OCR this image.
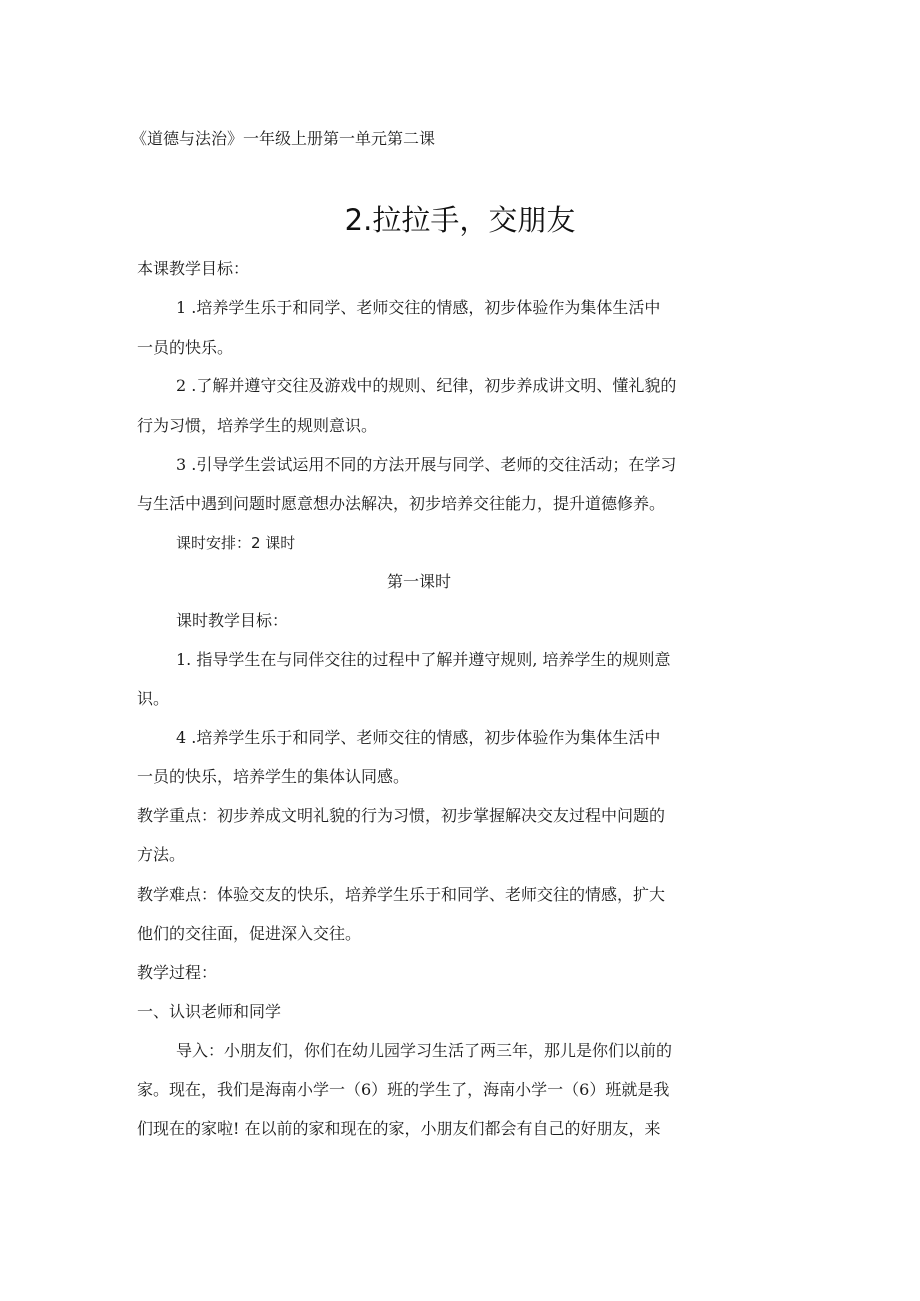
《道德与法治》一年级上册第一单元第二课
2.拉拉手，交朋友
本课教学目标：
1 .培养学生乐于和同学、老师交往的情感，初步体验作为集体生活中
一员的快乐。
2 .了解并遵守交往及游戏中的规则、纪律，初步养成讲文明、懂礼貌的
行为习惯，培养学生的规则意识。
3 .引导学生尝试运用不同的方法开展与同学、老师的交往活动；在学习
与生活中遇到问题时愿意想办法解决，初步培养交往能力，提升道德修养。
课时安排：2 课时
第一课时
课时教学目标：
1. 指导学生在与同伴交往的过程中了解并遵守规则, 培养学生的规则意
识。
4 .培养学生乐于和同学、老师交往的情感，初步体验作为集体生活中
一员的快乐，培养学生的集体认同感。
教学重点：初步养成文明礼貌的行为习惯，初步掌握解决交友过程中问题的
方法。
教学难点：体验交友的快乐，培养学生乐于和同学、老师交往的情感，扩大
他们的交往面，促进深入交往。
教学过程：
一、认识老师和同学
导入：小朋友们，你们在幼儿园学习生活了两三年，那儿是你们以前的
家。现在，我们是海南小学一（6）班的学生了，海南小学一（6）班就是我
们现在的家啦! 在以前的家和现在的家，小朋友们都会有自己的好朋友，来
